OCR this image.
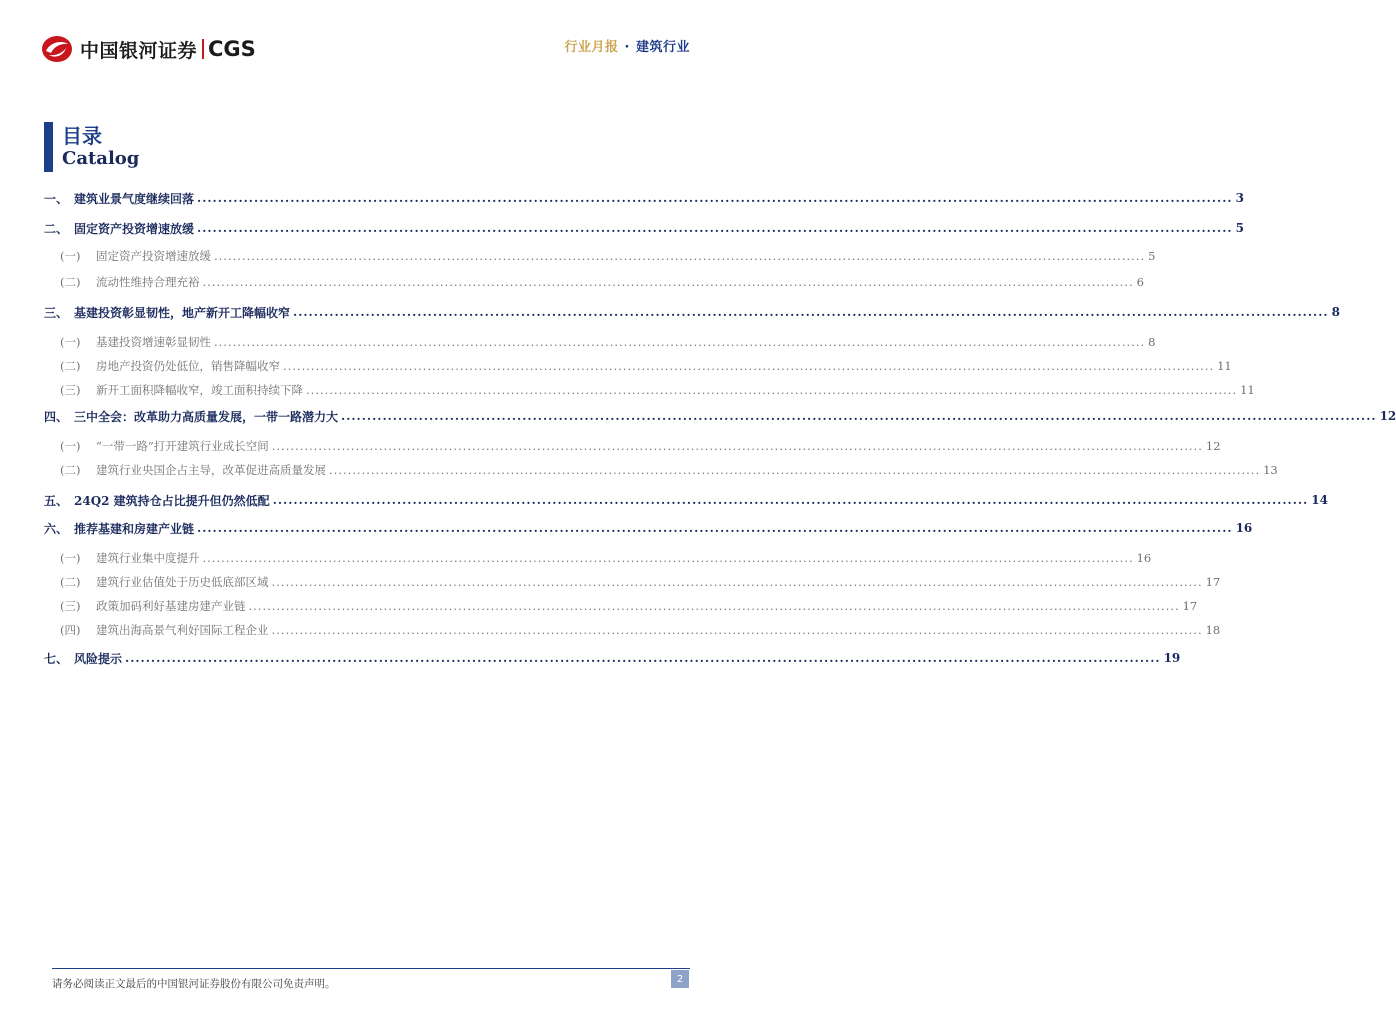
中国银河证券 CGS	行业月报 · 建筑行业
目录
Catalog
一、 建筑业景气度继续回落 ........................................................................................................................................................................................................ 3
二、 固定资产投资增速放缓 ........................................................................................................................................................................................................ 5
(一)	固定资产投资增速放缓 ........................................................................................................................................................................................................ 5
(二)	流动性维持合理充裕 ........................................................................................................................................................................................................ 6
三、 基建投资彰显韧性，地产新开工降幅收窄 ........................................................................................................................................................................................................ 8
(一)	基建投资增速彰显韧性 ........................................................................................................................................................................................................ 8
(二)	房地产投资仍处低位，销售降幅收窄 ........................................................................................................................................................................................................ 11
(三)	新开工面积降幅收窄，竣工面积持续下降 ........................................................................................................................................................................................................ 11
四、 三中全会：改革助力高质量发展，一带一路潜力大 ........................................................................................................................................................................................................ 12
(一)	“一带一路”打开建筑行业成长空间 ........................................................................................................................................................................................................ 12
(二)	建筑行业央国企占主导，改革促进高质量发展 ........................................................................................................................................................................................................ 13
五、 24Q2 建筑持仓占比提升但仍然低配 ........................................................................................................................................................................................................ 14
六、 推荐基建和房建产业链 ........................................................................................................................................................................................................ 16
(一)	建筑行业集中度提升 ........................................................................................................................................................................................................ 16
(二)	建筑行业估值处于历史低底部区域 ........................................................................................................................................................................................................ 17
(三)	政策加码利好基建房建产业链 ........................................................................................................................................................................................................ 17
(四)	建筑出海高景气利好国际工程企业 ........................................................................................................................................................................................................ 18
七、 风险提示 ........................................................................................................................................................................................................ 19
请务必阅读正文最后的中国银河证券股份有限公司免责声明。	2
